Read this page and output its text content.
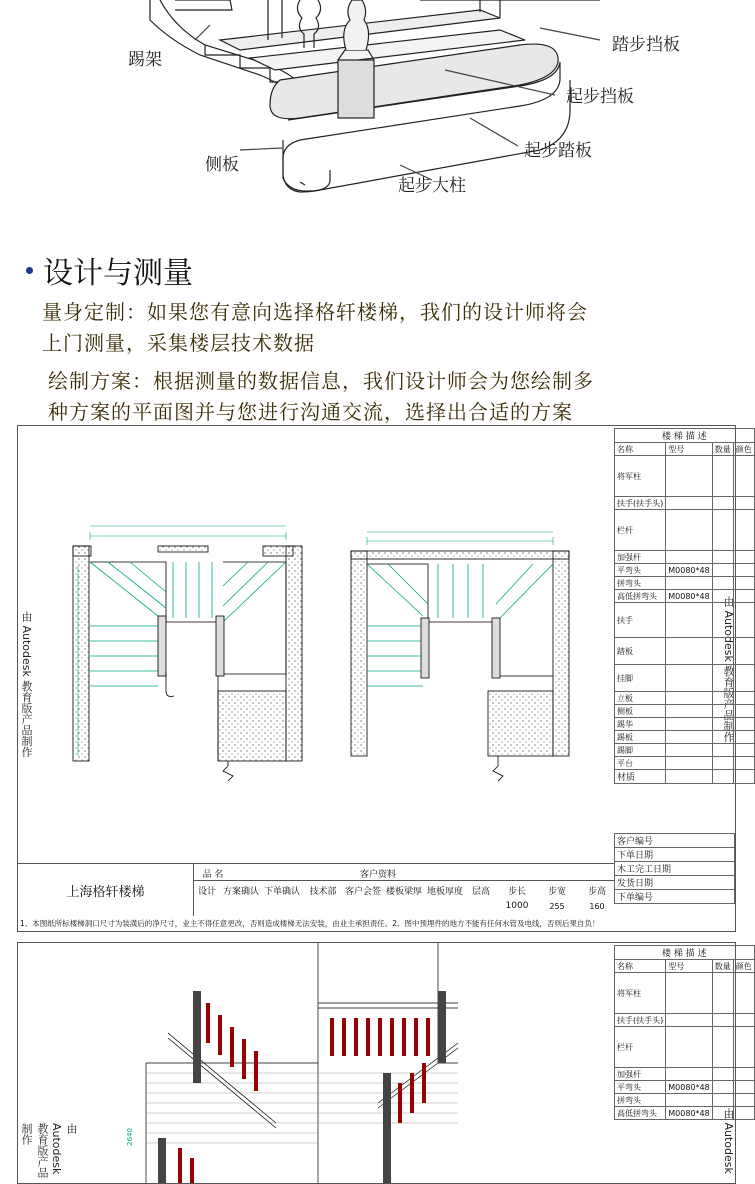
踢架
侧板
起步大柱
起步踏板
起步挡板
踏步挡板
设计与测量
量身定制：如果您有意向选择格轩楼梯，我们的设计师将会
上门测量，采集楼层技术数据
绘制方案：根据测量的数据信息，我们设计师会为您绘制多
种方案的平面图并与您进行沟通交流，选择出合适的方案
由 Autodesk 教育版产品制作	由 Autodesk 教育版产品制作
楼 梯 描 述			
名称	型号	数量	颜色
将军柱			
扶手(扶手头)			
栏杆			
加强杆			
平弯头	M0080*48		
拼弯头			
高低拼弯头	M0080*48		
扶手			
踏板			
挂脚			
立板			
侧板			
踢华			
踢板			
踢脚			
平台			
材质			
客户编号
下单日期
木工完工日期
发货日期
下单编号
上海格轩楼梯
品 名	客户资料
设计 方案确认 下单确认	技术部 客户会签 楼板梁厚 地板厚度 层高	步长	步宽	步高
1000	255	160
1、本图纸所标楼梯洞口尺寸为装潢后的净尺寸，业主不得任意更改，否则造成楼梯无法安装，由业主承担责任。2、图中预埋件的地方不能有任何水管及电线，否则后果自负！
由 Autodesk 教育版产品制作	由 Autodesk
2640
楼 梯 描 述			
名称	型号	数量	颜色
将军柱			
扶手(扶手头)			
栏杆			
加强杆			
平弯头	M0080*48		
拼弯头			
高低拼弯头	M0080*48		
